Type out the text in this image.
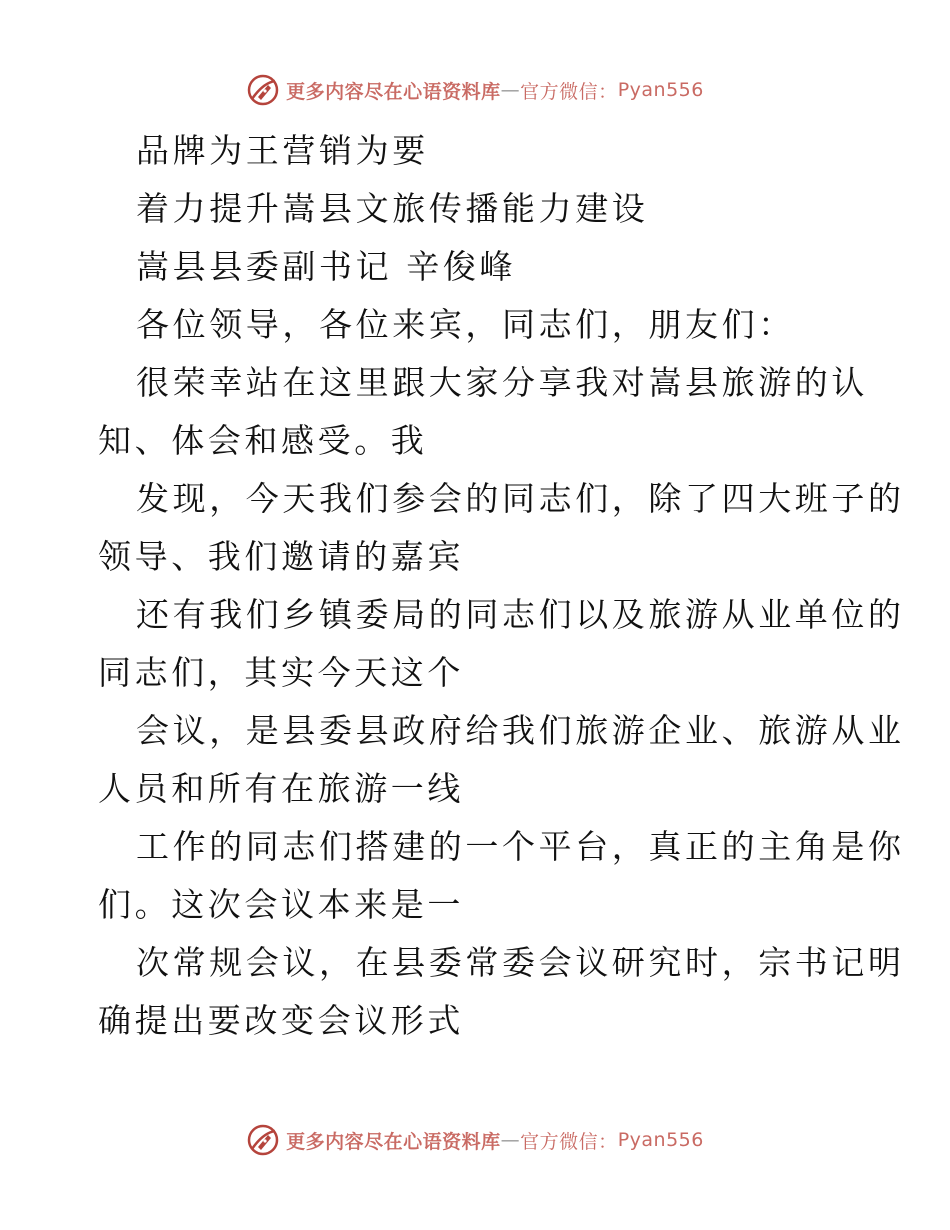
更多内容尽在心语资料库 — 官方微信： Pyan556
品牌为王营销为要
着力提升嵩县文旅传播能力建设
嵩县县委副书记 辛俊峰
各位领导，各位来宾，同志们，朋友们：
很荣幸站在这里跟大家分享我对嵩县旅游的认
知、体会和感受。我
发现，今天我们参会的同志们，除了四大班子的
领导、我们邀请的嘉宾
还有我们乡镇委局的同志们以及旅游从业单位的
同志们，其实今天这个
会议，是县委县政府给我们旅游企业、旅游从业
人员和所有在旅游一线
工作的同志们搭建的一个平台，真正的主角是你
们。这次会议本来是一
次常规会议，在县委常委会议研究时，宗书记明
确提出要改变会议形式
更多内容尽在心语资料库 — 官方微信： Pyan556
